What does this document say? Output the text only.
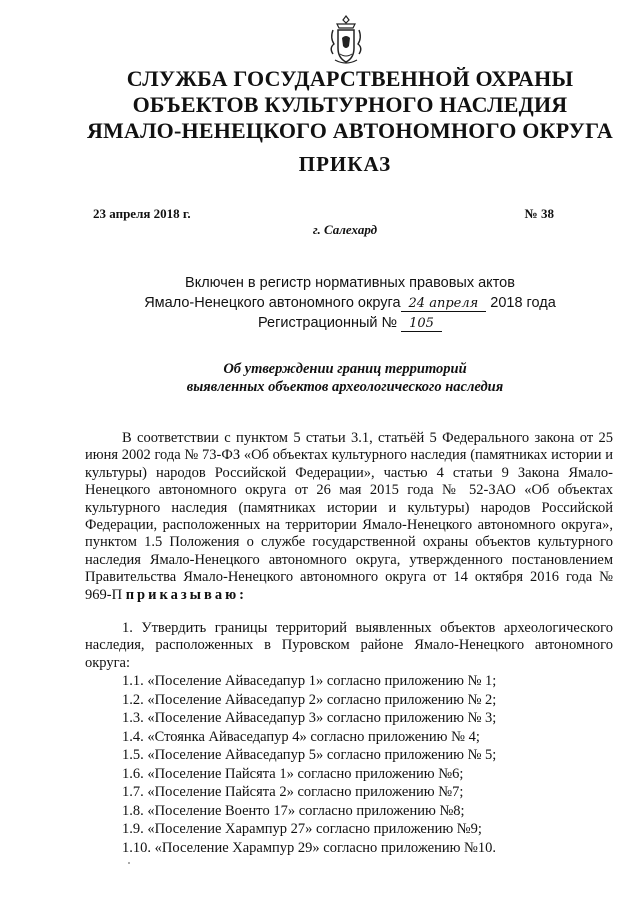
СЛУЖБА ГОСУДАРСТВЕННОЙ ОХРАНЫ
ОБЪЕКТОВ КУЛЬТУРНОГО НАСЛЕДИЯ
ЯМАЛО-НЕНЕЦКОГО АВТОНОМНОГО ОКРУГА
ПРИКАЗ
23 апреля 2018 г.	№ 38
г. Салехард
Включен в регистр нормативных правовых актов
Ямало-Ненецкого автономного округа 24 апреля 2018 года
Регистрационный № 105
Об утверждении границ территорий
выявленных объектов археологического наследия
В соответствии с пунктом 5 статьи 3.1, статьёй 5 Федерального закона от 25 июня 2002 года № 73-ФЗ «Об объектах культурного наследия (памятниках истории и культуры) народов Российской Федерации», частью 4 статьи 9 Закона Ямало-Ненецкого автономного округа от 26 мая 2015 года № 52-ЗАО «Об объектах культурного наследия (памятниках истории и культуры) народов Российской Федерации, расположенных на территории Ямало-Ненецкого автономного округа», пунктом 1.5 Положения о службе государственной охраны объектов культурного наследия Ямало-Ненецкого автономного округа, утвержденного постановлением Правительства Ямало-Ненецкого автономного округа от 14 октября 2016 года № 969-П приказываю:
1. Утвердить границы территорий выявленных объектов археологического наследия, расположенных в Пуровском районе Ямало-Ненецкого автономного округа:
1.1. «Поселение Айваседапур 1» согласно приложению № 1;
1.2. «Поселение Айваседапур 2» согласно приложению № 2;
1.3. «Поселение Айваседапур 3» согласно приложению № 3;
1.4. «Стоянка Айваседапур 4» согласно приложению № 4;
1.5. «Поселение Айваседапур 5» согласно приложению № 5;
1.6. «Поселение Пайсята 1» согласно приложению №6;
1.7. «Поселение Пайсята 2» согласно приложению №7;
1.8. «Поселение Военто 17» согласно приложению №8;
1.9. «Поселение Харампур 27» согласно приложению №9;
1.10. «Поселение Харампур 29» согласно приложению №10.
